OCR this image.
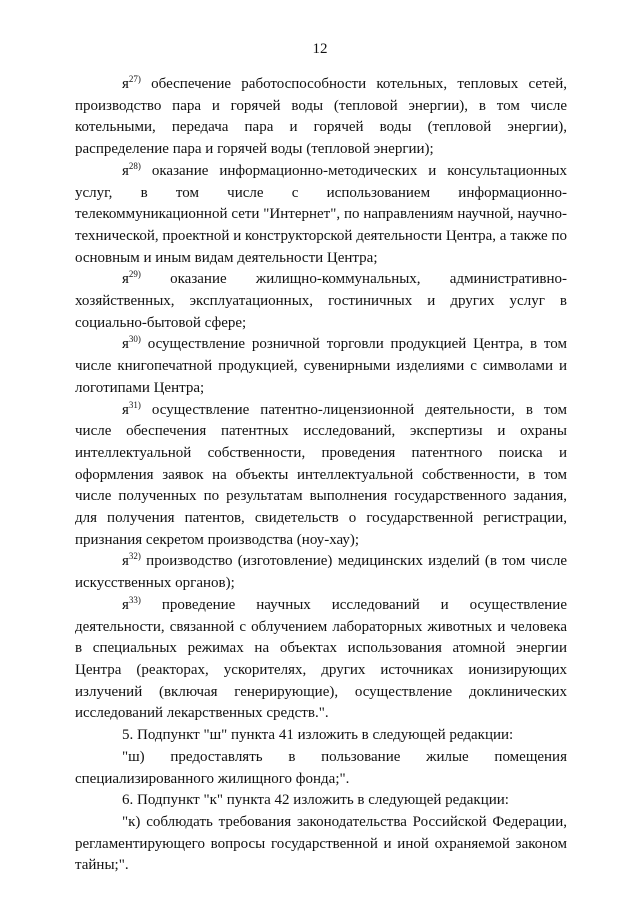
12

$я^{27)}$ обеспечение работоспособности котельных, тепловых сетей, производство пара и горячей воды (тепловой энергии), в том числе котельными, передача пара и горячей воды (тепловой энергии), распределение пара и горячей воды (тепловой энергии);

$я^{28)}$ оказание информационно-методических и консультационных услуг, в том числе с использованием информационно-телекоммуникационной сети "Интернет", по направлениям научной, научно-технической, проектной и конструкторской деятельности Центра, а также по основным и иным видам деятельности Центра;

$я^{29)}$ оказание жилищно-коммунальных, административно-хозяйственных, эксплуатационных, гостиничных и других услуг в социально-бытовой сфере;

$я^{30)}$ осуществление розничной торговли продукцией Центра, в том числе книгопечатной продукцией, сувенирными изделиями с символами и логотипами Центра;

$я^{31)}$ осуществление патентно-лицензионной деятельности, в том числе обеспечения патентных исследований, экспертизы и охраны интеллектуальной собственности, проведения патентного поиска и оформления заявок на объекты интеллектуальной собственности, в том числе полученных по результатам выполнения государственного задания, для получения патентов, свидетельств о государственной регистрации, признания секретом производства (ноу-хау);

$я^{32)}$ производство (изготовление) медицинских изделий (в том числе искусственных органов);

$я^{33)}$ проведение научных исследований и осуществление деятельности, связанной с облучением лабораторных животных и человека в специальных режимах на объектах использования атомной энергии Центра (реакторах, ускорителях, других источниках ионизирующих излучений (включая генерирующие), осуществление доклинических исследований лекарственных средств.".

5. Подпункт "ш" пункта 41 изложить в следующей редакции:

"ш) предоставлять в пользование жилые помещения специализированного жилищного фонда;".

6. Подпункт "к" пункта 42 изложить в следующей редакции:

"к) соблюдать требования законодательства Российской Федерации, регламентирующего вопросы государственной и иной охраняемой законом тайны;".
